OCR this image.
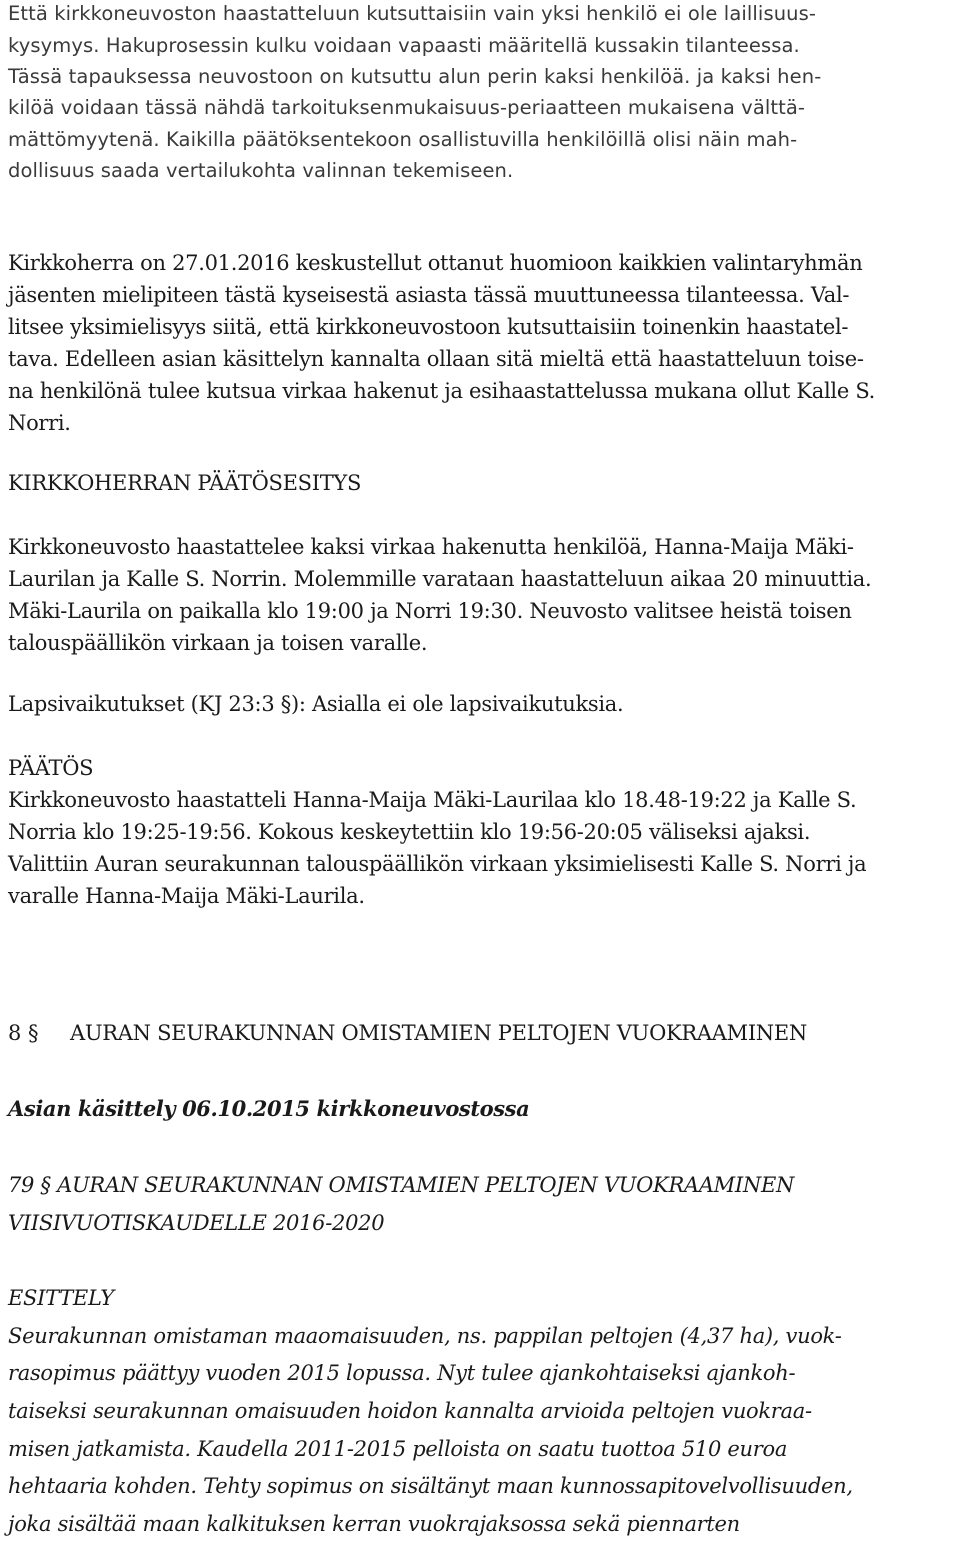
Että kirkkoneuvoston haastatteluun kutsuttaisiin vain yksi henkilö ei ole laillisuus-

kysymys. Hakuprosessin kulku voidaan vapaasti määritellä kussakin tilanteessa.

Tässä tapauksessa neuvostoon on kutsuttu alun perin kaksi henkilöä. ja kaksi hen-

kilöä voidaan tässä nähdä tarkoituksenmukaisuus-periaatteen mukaisena välttä-

mättömyytenä. Kaikilla päätöksentekoon osallistuvilla henkilöillä olisi näin mah-

dollisuus saada vertailukohta valinnan tekemiseen.

Kirkkoherra on 27.01.2016 keskustellut ottanut huomioon kaikkien valintaryhmän

jäsenten mielipiteen tästä kyseisestä asiasta tässä muuttuneessa tilanteessa. Val-

litsee yksimielisyys siitä, että kirkkoneuvostoon kutsuttaisiin toinenkin haastatel-

tava. Edelleen asian käsittelyn kannalta ollaan sitä mieltä että haastatteluun toise-

na henkilönä tulee kutsua virkaa hakenut ja esihaastattelussa mukana ollut Kalle S.

Norri.

KIRKKOHERRAN PÄÄTÖSESITYS

Kirkkoneuvosto haastattelee kaksi virkaa hakenutta henkilöä, Hanna-Maija Mäki-

Laurilan ja Kalle S. Norrin. Molemmille varataan haastatteluun aikaa 20 minuuttia.

Mäki-Laurila on paikalla klo 19:00 ja Norri 19:30. Neuvosto valitsee heistä toisen

talouspäällikön virkaan ja toisen varalle.

Lapsivaikutukset (KJ 23:3 §): Asialla ei ole lapsivaikutuksia.

PÄÄTÖS

Kirkkoneuvosto haastatteli Hanna-Maija Mäki-Laurilaa klo 18.48-19:22 ja Kalle S.

Norria klo 19:25-19:56. Kokous keskeytettiin klo 19:56-20:05 väliseksi ajaksi.

Valittiin Auran seurakunnan talouspäällikön virkaan yksimielisesti Kalle S. Norri ja

varalle Hanna-Maija Mäki-Laurila.

8 § AURAN SEURAKUNNAN OMISTAMIEN PELTOJEN VUOKRAAMINEN

Asian käsittely 06.10.2015 kirkkoneuvostossa

79 § AURAN SEURAKUNNAN OMISTAMIEN PELTOJEN VUOKRAAMINEN

VIISIVUOTISKAUDELLE 2016-2020

ESITTELY

Seurakunnan omistaman maaomaisuuden, ns. pappilan peltojen (4,37 ha), vuok-

rasopimus päättyy vuoden 2015 lopussa. Nyt tulee ajankohtaiseksi ajankoh-

taiseksi seurakunnan omaisuuden hoidon kannalta arvioida peltojen vuokraa-

misen jatkamista. Kaudella 2011-2015 pelloista on saatu tuottoa 510 euroa

hehtaaria kohden. Tehty sopimus on sisältänyt maan kunnossapitovelvollisuuden,

joka sisältää maan kalkituksen kerran vuokrajaksossa sekä piennarten
